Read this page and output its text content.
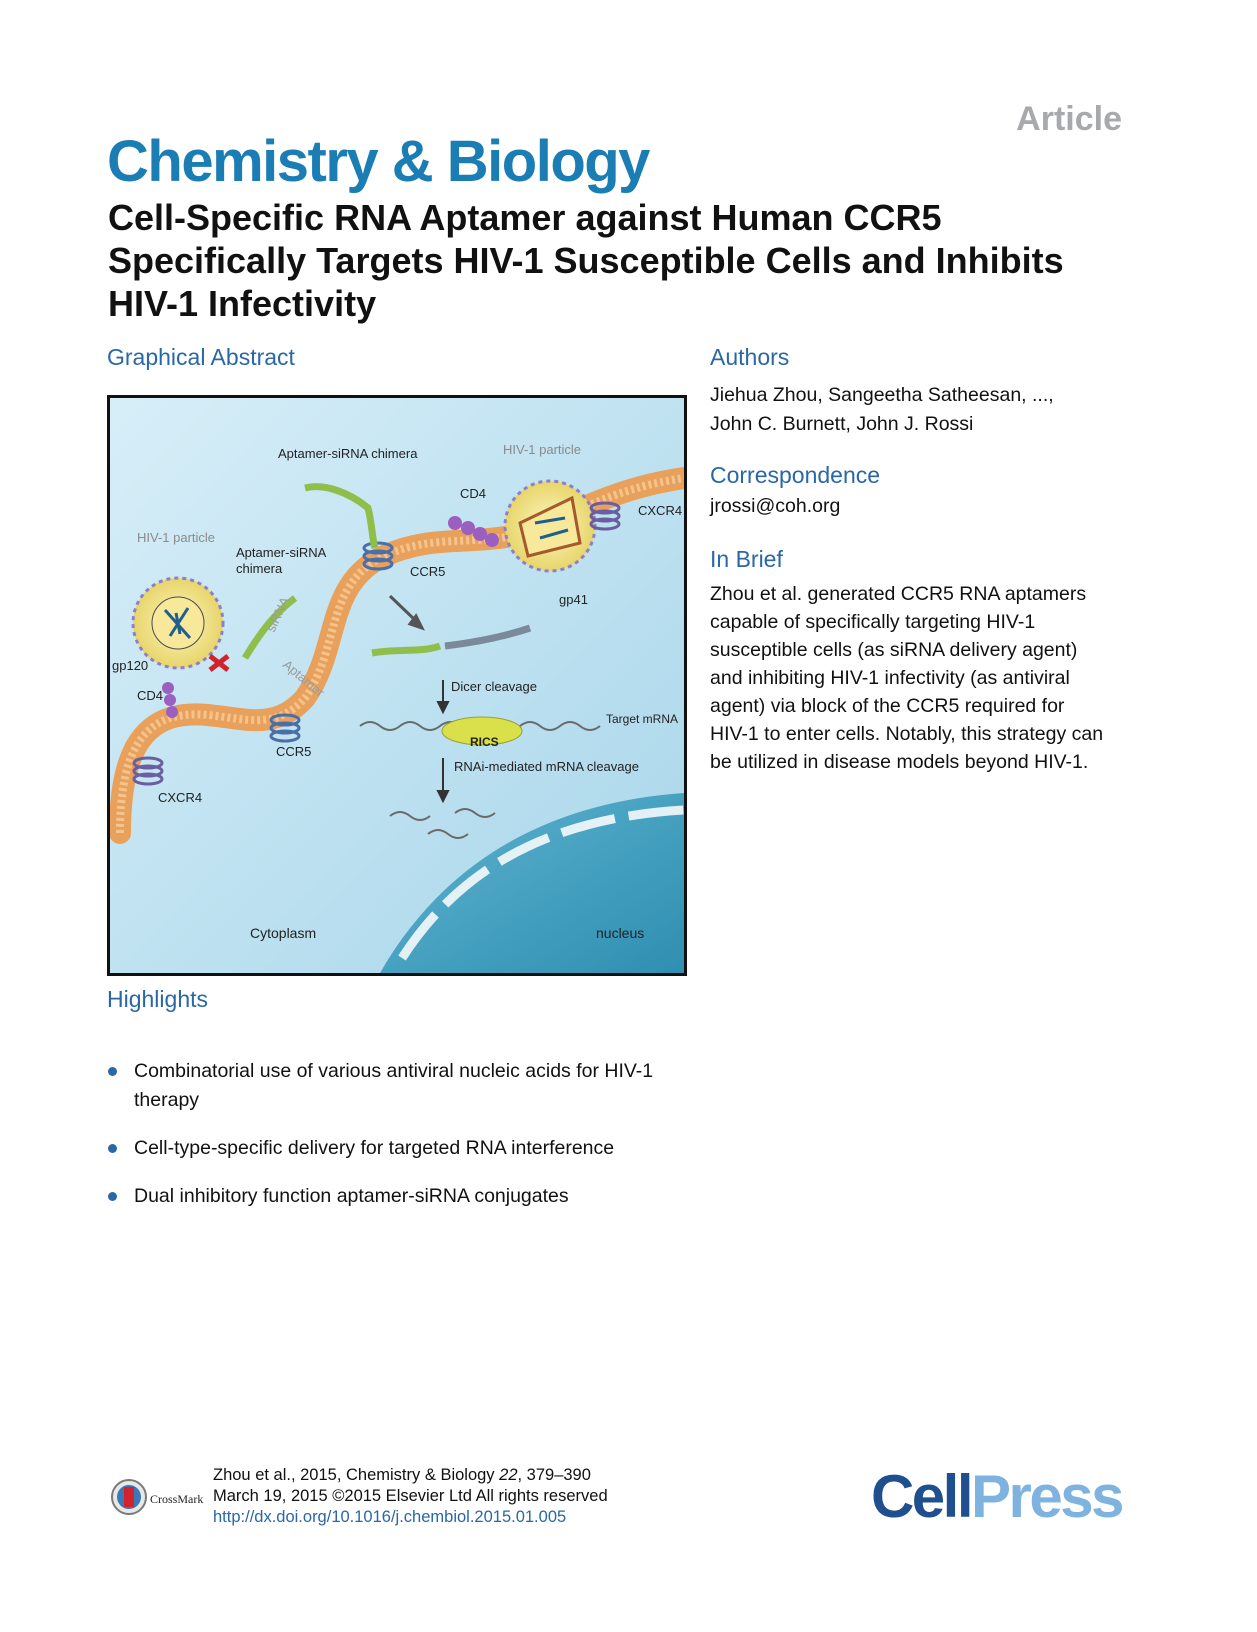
Article
Chemistry & Biology
Cell-Specific RNA Aptamer against Human CCR5 Specifically Targets HIV-1 Susceptible Cells and Inhibits HIV-1 Infectivity
Graphical Abstract
Aptamer-siRNA chimera	HIV-1 particle
CD4
CXCR4
HIV-1 particle
Aptamer-siRNA
chimera	CCR5
gp41
siRNA
Aptamer
gp120
CD4
Dicer cleavage
Target mRNA
RICS
CCR5
RNAi-mediated mRNA cleavage
CXCR4
Cytoplasm	nucleus
Highlights
Combinatorial use of various antiviral nucleic acids for HIV-1 therapy
Cell-type-specific delivery for targeted RNA interference
Dual inhibitory function aptamer-siRNA conjugates
Authors
Jiehua Zhou, Sangeetha Satheesan, ...,
John C. Burnett, John J. Rossi
Correspondence
jrossi@coh.org
In Brief
Zhou et al. generated CCR5 RNA aptamers capable of specifically targeting HIV-1 susceptible cells (as siRNA delivery agent) and inhibiting HIV-1 infectivity (as antiviral agent) via block of the CCR5 required for HIV-1 to enter cells. Notably, this strategy can be utilized in disease models beyond HIV-1.
CrossMark
Zhou et al., 2015, Chemistry & Biology 22, 379–390
March 19, 2015 ©2015 Elsevier Ltd All rights reserved
http://dx.doi.org/10.1016/j.chembiol.2015.01.005	CellPress
